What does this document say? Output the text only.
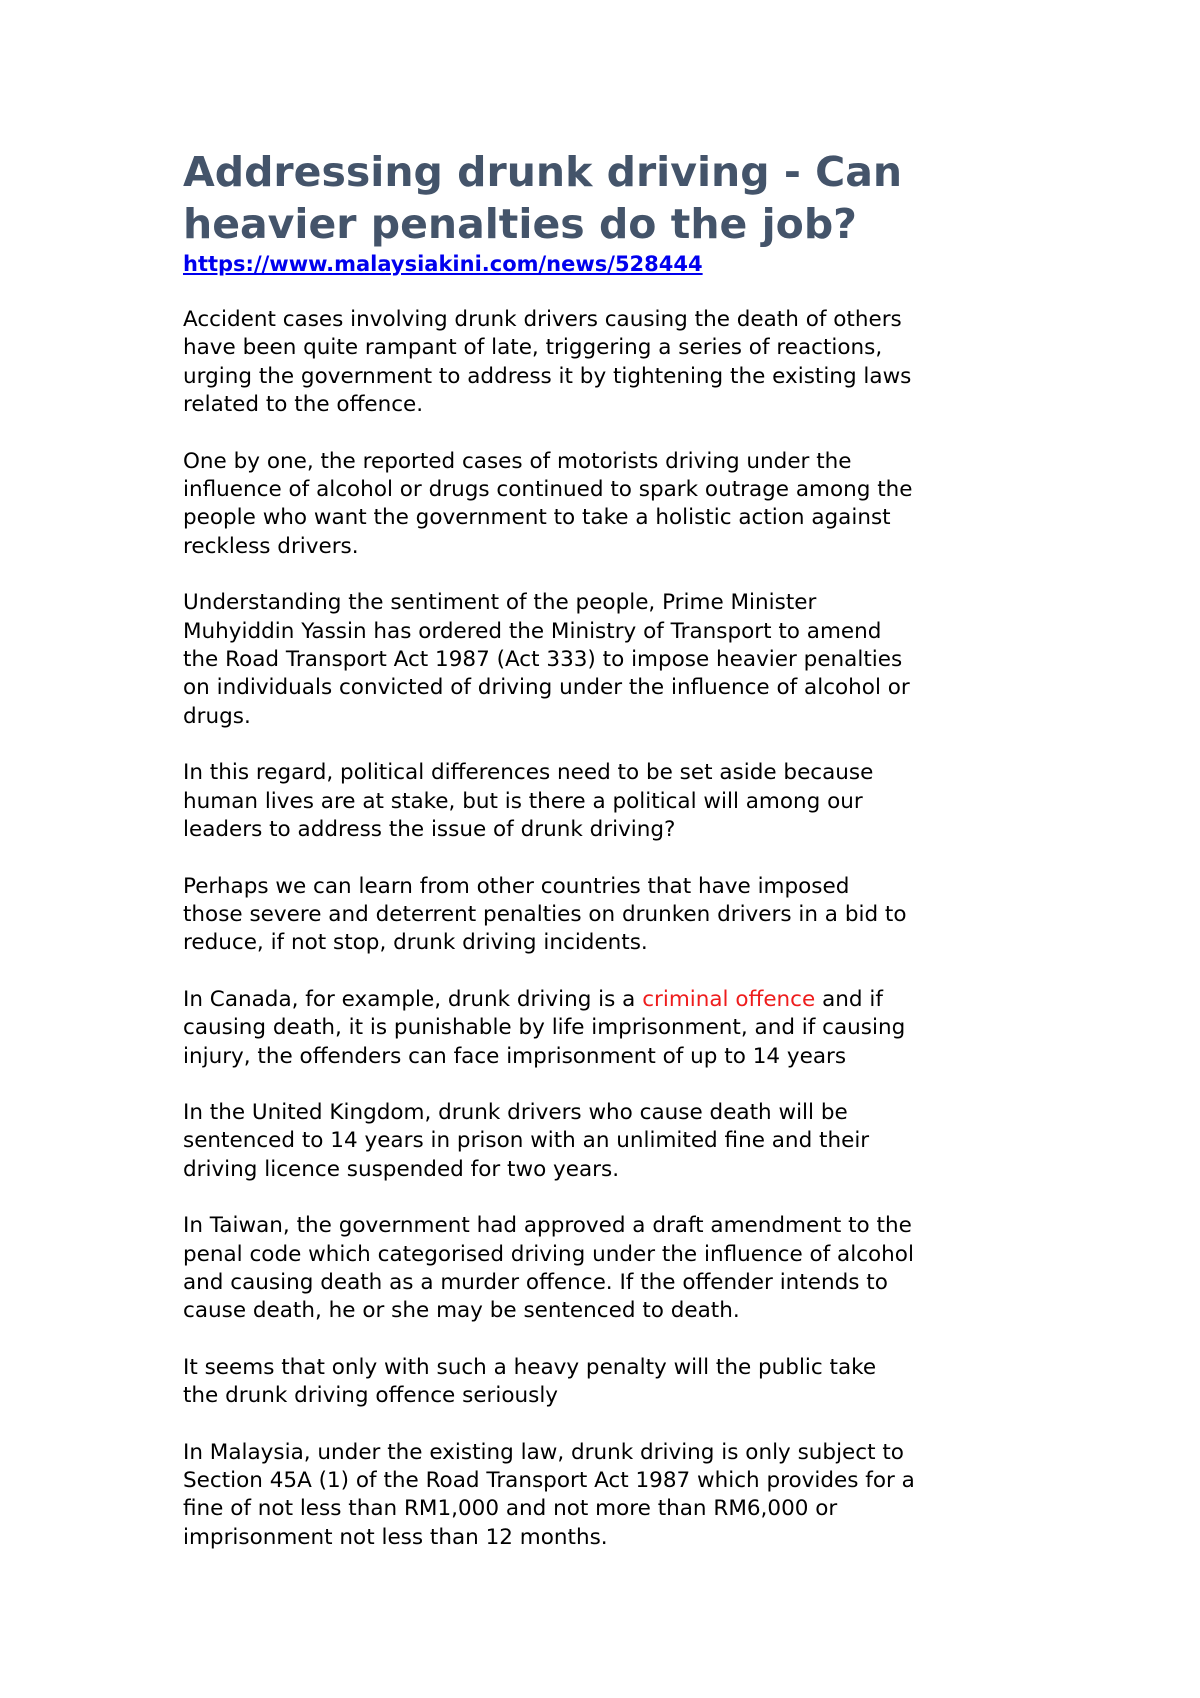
Addressing drunk driving - Can
heavier penalties do the job?
https://www.malaysiakini.com/news/528444

Accident cases involving drunk drivers causing the death of others
have been quite rampant of late, triggering a series of reactions,
urging the government to address it by tightening the existing laws
related to the offence.

One by one, the reported cases of motorists driving under the
influence of alcohol or drugs continued to spark outrage among the
people who want the government to take a holistic action against
reckless drivers.

Understanding the sentiment of the people, Prime Minister
Muhyiddin Yassin has ordered the Ministry of Transport to amend
the Road Transport Act 1987 (Act 333) to impose heavier penalties
on individuals convicted of driving under the influence of alcohol or
drugs.

In this regard, political differences need to be set aside because
human lives are at stake, but is there a political will among our
leaders to address the issue of drunk driving?

Perhaps we can learn from other countries that have imposed
those severe and deterrent penalties on drunken drivers in a bid to
reduce, if not stop, drunk driving incidents.

In Canada, for example, drunk driving is a criminal offence and if
causing death, it is punishable by life imprisonment, and if causing
injury, the offenders can face imprisonment of up to 14 years

In the United Kingdom, drunk drivers who cause death will be
sentenced to 14 years in prison with an unlimited fine and their
driving licence suspended for two years.

In Taiwan, the government had approved a draft amendment to the
penal code which categorised driving under the influence of alcohol
and causing death as a murder offence. If the offender intends to
cause death, he or she may be sentenced to death.

It seems that only with such a heavy penalty will the public take
the drunk driving offence seriously

In Malaysia, under the existing law, drunk driving is only subject to
Section 45A (1) of the Road Transport Act 1987 which provides for a
fine of not less than RM1,000 and not more than RM6,000 or
imprisonment not less than 12 months.
